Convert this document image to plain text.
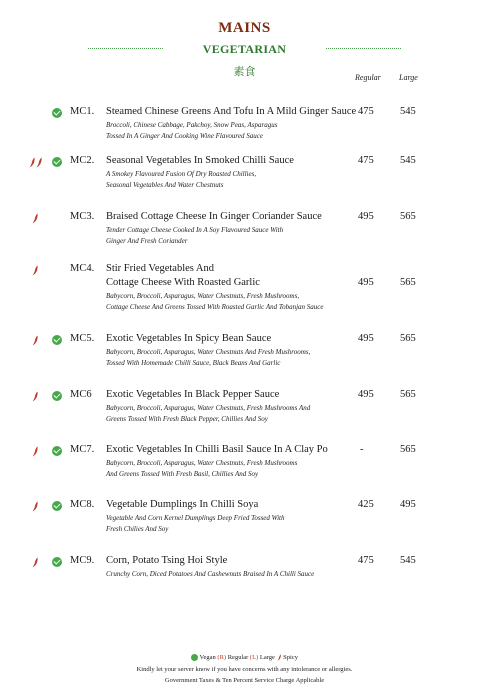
MAINS
VEGETARIAN
素食	Regular Large
MC1. Steamed Chinese Greens And Tofu In A Mild Ginger Sauce
Broccoli, Chinese Cabbage, Pakchoy, Snow Peas, Asparagus
Tossed In A Ginger And Cooking Wine Flavoured Sauce
475	545
MC2. Seasonal Vegetables In Smoked Chilli Sauce
A Smokey Flavoured Fusion Of Dry Roasted Chillies,
Seasonal Vegetables And Water Chestnuts
475	545
MC3. Braised Cottage Cheese In Ginger Coriander Sauce
Tender Cottage Cheese Cooked In A Soy Flavoured Sauce With
Ginger And Fresh Coriander
495	565
MC4. Stir Fried Vegetables And
Cottage Cheese With Roasted Garlic
Babycorn, Broccoli, Asparagus, Water Chestnuts, Fresh Mushrooms,
Cottage Cheese And Greens Tossed With Roasted Garlic And Tobanjan Sauce
495	565
MC5. Exotic Vegetables In Spicy Bean Sauce
Babycorn, Broccoli, Asparagus, Water Chestnuts And Fresh Mushrooms,
Tossed With Homemade Chilli Sauce, Black Beans And Garlic
495	565
MC6 Exotic Vegetables In Black Pepper Sauce
Babycorn, Broccoli, Asparagus, Water Chestnuts, Fresh Mushrooms And
Greens Tossed With Fresh Black Pepper, Chillies And Soy
495	565
MC7. Exotic Vegetables In Chilli Basil Sauce In A Clay Po
Babycorn, Broccoli, Asparagus, Water Chestnuts, Fresh Mushrooms
And Greens Tossed With Fresh Basil, Chillies And Soy
-	565
MC8. Vegetable Dumplings In Chilli Soya
Vegetable And Corn Kernel Dumplings Deep Fried Tossed With
Fresh Chilies And Soy
425	495
MC9. Corn, Potato Tsing Hoi Style
Crunchy Corn, Diced Potatoes And Cashewnuts Braised In A Chilli Sauce
475	545
Vegan (R) Regular (L) Large Spicy
Kindly let your server know if you have concerns with any intolerance or allergies.
Government Taxes & Ten Percent Service Charge Applicable
